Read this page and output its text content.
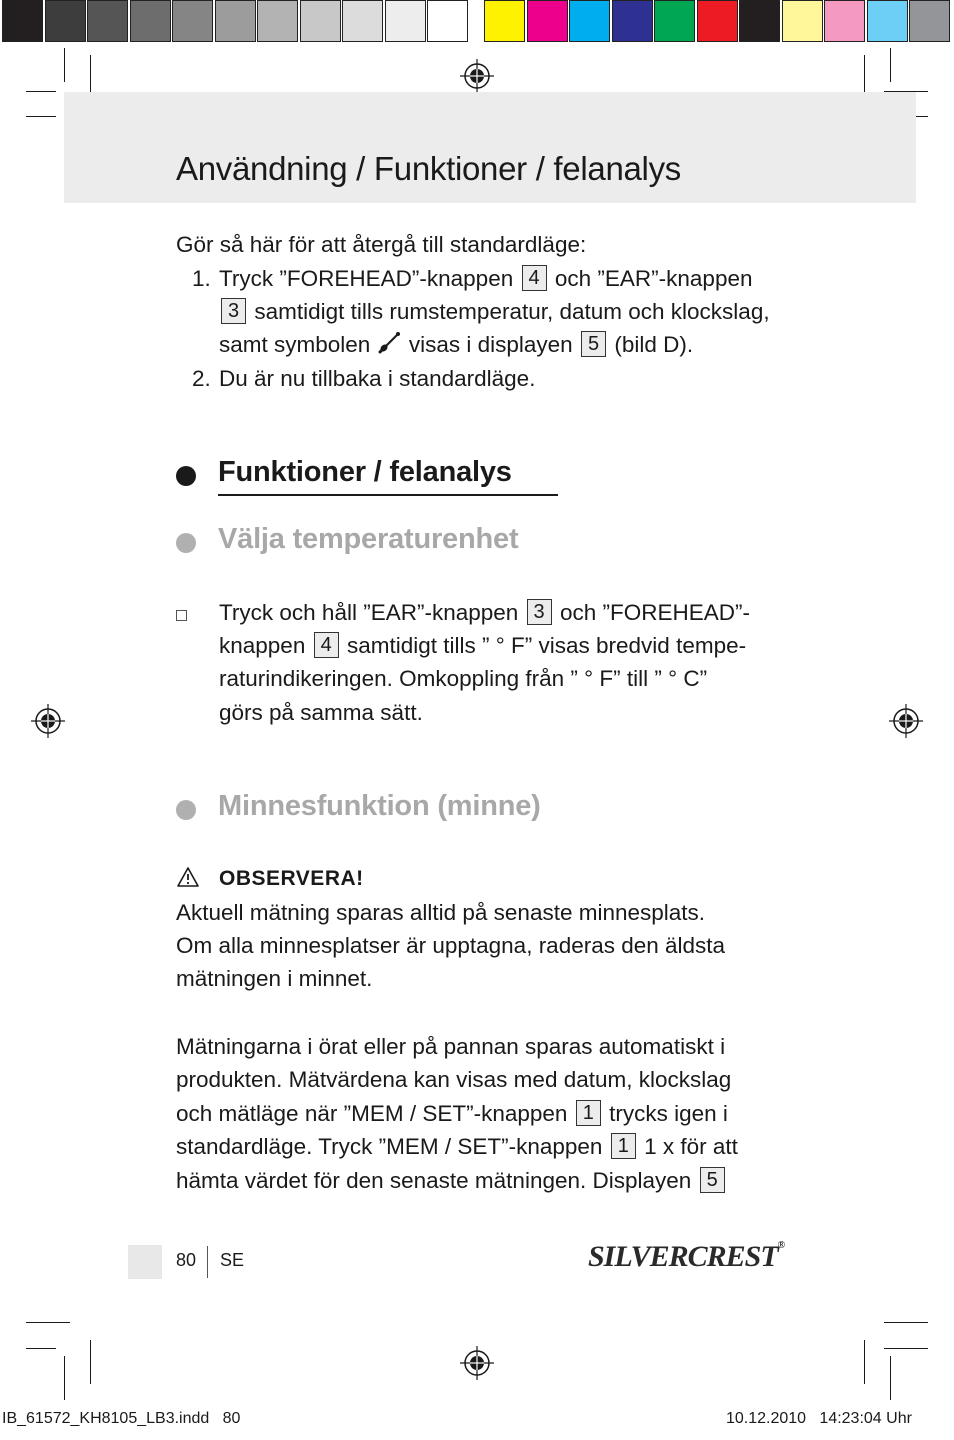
Användning / Funktioner / felanalys
Gör så här för att återgå till standardläge:
1. Tryck ”FOREHEAD”-knappen 4 och ”EAR”-knappen
3 samtidigt tills rumstemperatur, datum och klockslag,
samt symbolen visas i displayen 5 (bild D).
2. Du är nu tillbaka i standardläge.
Funktioner / felanalys
Välja temperaturenhet
Tryck och håll ”EAR”-knappen 3 och ”FOREHEAD”-
knappen 4 samtidigt tills ” ° F” visas bredvid tempe-
raturindikeringen. Omkoppling från ” ° F” till ” ° C”
görs på samma sätt.
Minnesfunktion (minne)
OBSERVERA!
Aktuell mätning sparas alltid på senaste minnesplats.
Om alla minnesplatser är upptagna, raderas den äldsta
mätningen i minnet.
Mätningarna i örat eller på pannan sparas automatiskt i
produkten. Mätvärdena kan visas med datum, klockslag
och mätläge när ”MEM / SET”-knappen 1 trycks igen i
standardläge. Tryck ”MEM / SET”-knappen 1 1 x för att
hämta värdet för den senaste mätningen. Displayen 5
80 SE	SILVERCREST®
IB_61572_KH8105_LB3.indd   80	10.12.2010   14:23:04 Uhr
